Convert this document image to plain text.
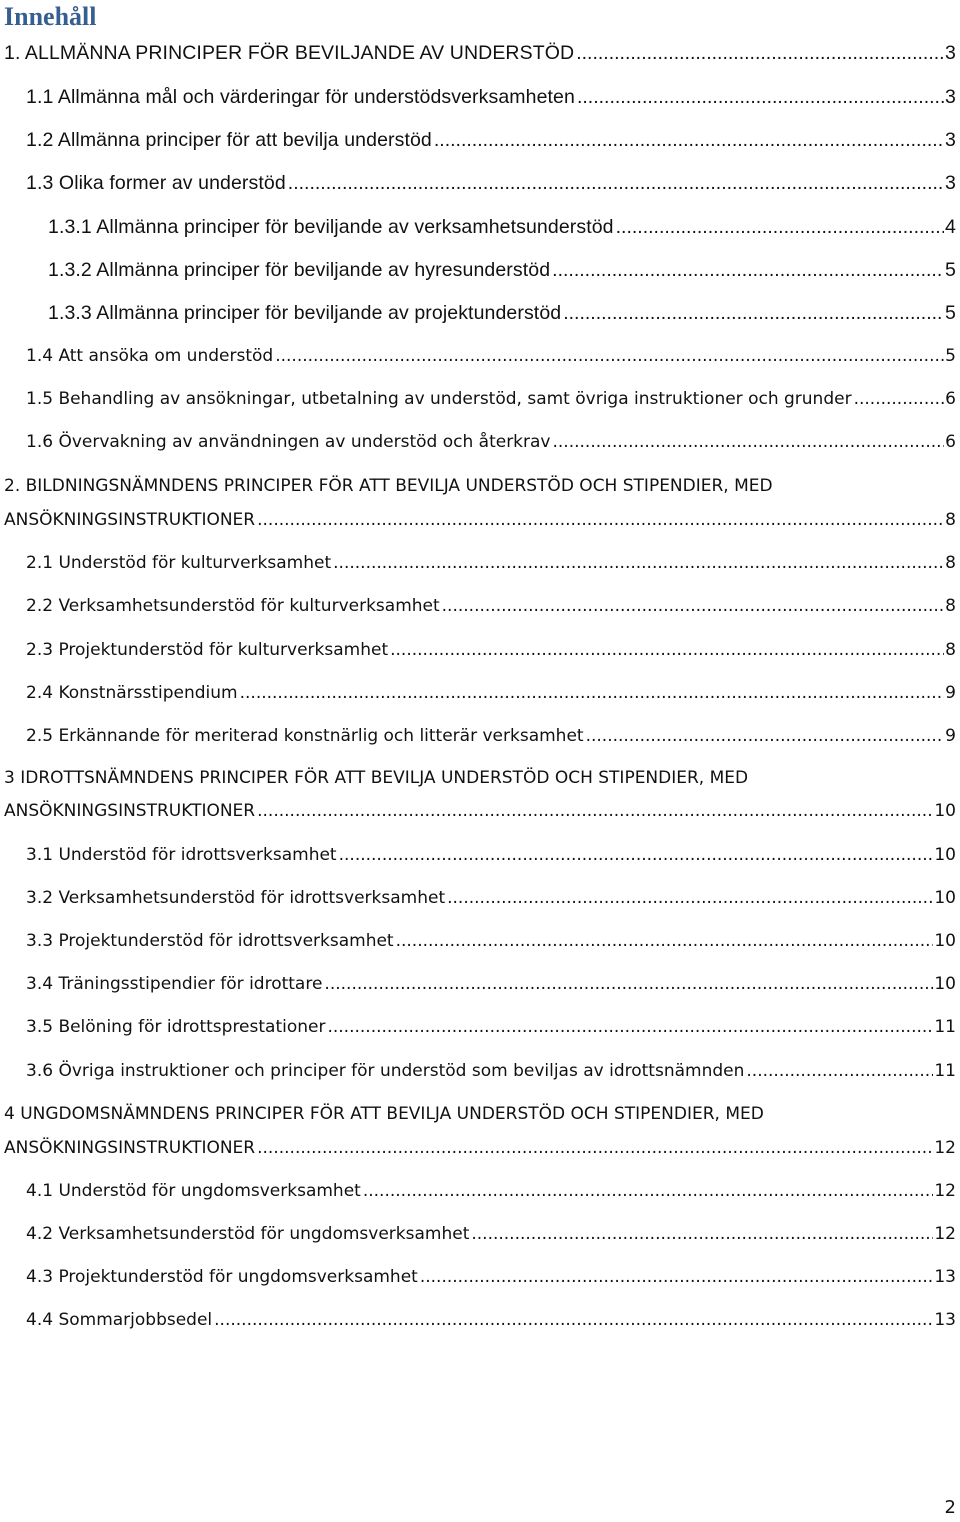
Innehåll
1. ALLMÄNNA PRINCIPER FÖR BEVILJANDE AV UNDERSTÖD .....	3
1.1 Allmänna mål och värderingar för understödsverksamheten .....	3
1.2 Allmänna principer för att bevilja understöd .....	3
1.3 Olika former av understöd .....	3
1.3.1 Allmänna principer för beviljande av verksamhetsunderstöd .....	4
1.3.2 Allmänna principer för beviljande av hyresunderstöd .....	5
1.3.3 Allmänna principer för beviljande av projektunderstöd .....	5
1.4 Att ansöka om understöd .....	5
1.5 Behandling av ansökningar, utbetalning av understöd, samt övriga instruktioner och grunder .....	6
1.6 Övervakning av användningen av understöd och återkrav .....	6
2. BILDNINGSNÄMNDENS PRINCIPER FÖR ATT BEVILJA UNDERSTÖD OCH STIPENDIER, MED
ANSÖKNINGSINSTRUKTIONER .....	8
2.1 Understöd för kulturverksamhet .....	8
2.2 Verksamhetsunderstöd för kulturverksamhet .....	8
2.3 Projektunderstöd för kulturverksamhet .....	8
2.4 Konstnärsstipendium .....	9
2.5 Erkännande för meriterad konstnärlig och litterär verksamhet .....	9
3 IDROTTSNÄMNDENS PRINCIPER FÖR ATT BEVILJA UNDERSTÖD OCH STIPENDIER, MED
ANSÖKNINGSINSTRUKTIONER .....	10
3.1 Understöd för idrottsverksamhet .....	10
3.2 Verksamhetsunderstöd för idrottsverksamhet .....	10
3.3 Projektunderstöd för idrottsverksamhet .....	10
3.4 Träningsstipendier för idrottare .....	10
3.5 Belöning för idrottsprestationer .....	11
3.6 Övriga instruktioner och principer för understöd som beviljas av idrottsnämnden .....	11
4 UNGDOMSNÄMNDENS PRINCIPER FÖR ATT BEVILJA UNDERSTÖD OCH STIPENDIER, MED
ANSÖKNINGSINSTRUKTIONER .....	12
4.1 Understöd för ungdomsverksamhet .....	12
4.2 Verksamhetsunderstöd för ungdomsverksamhet .....	12
4.3 Projektunderstöd för ungdomsverksamhet .....	13
4.4 Sommarjobbsedel .....	13
2
